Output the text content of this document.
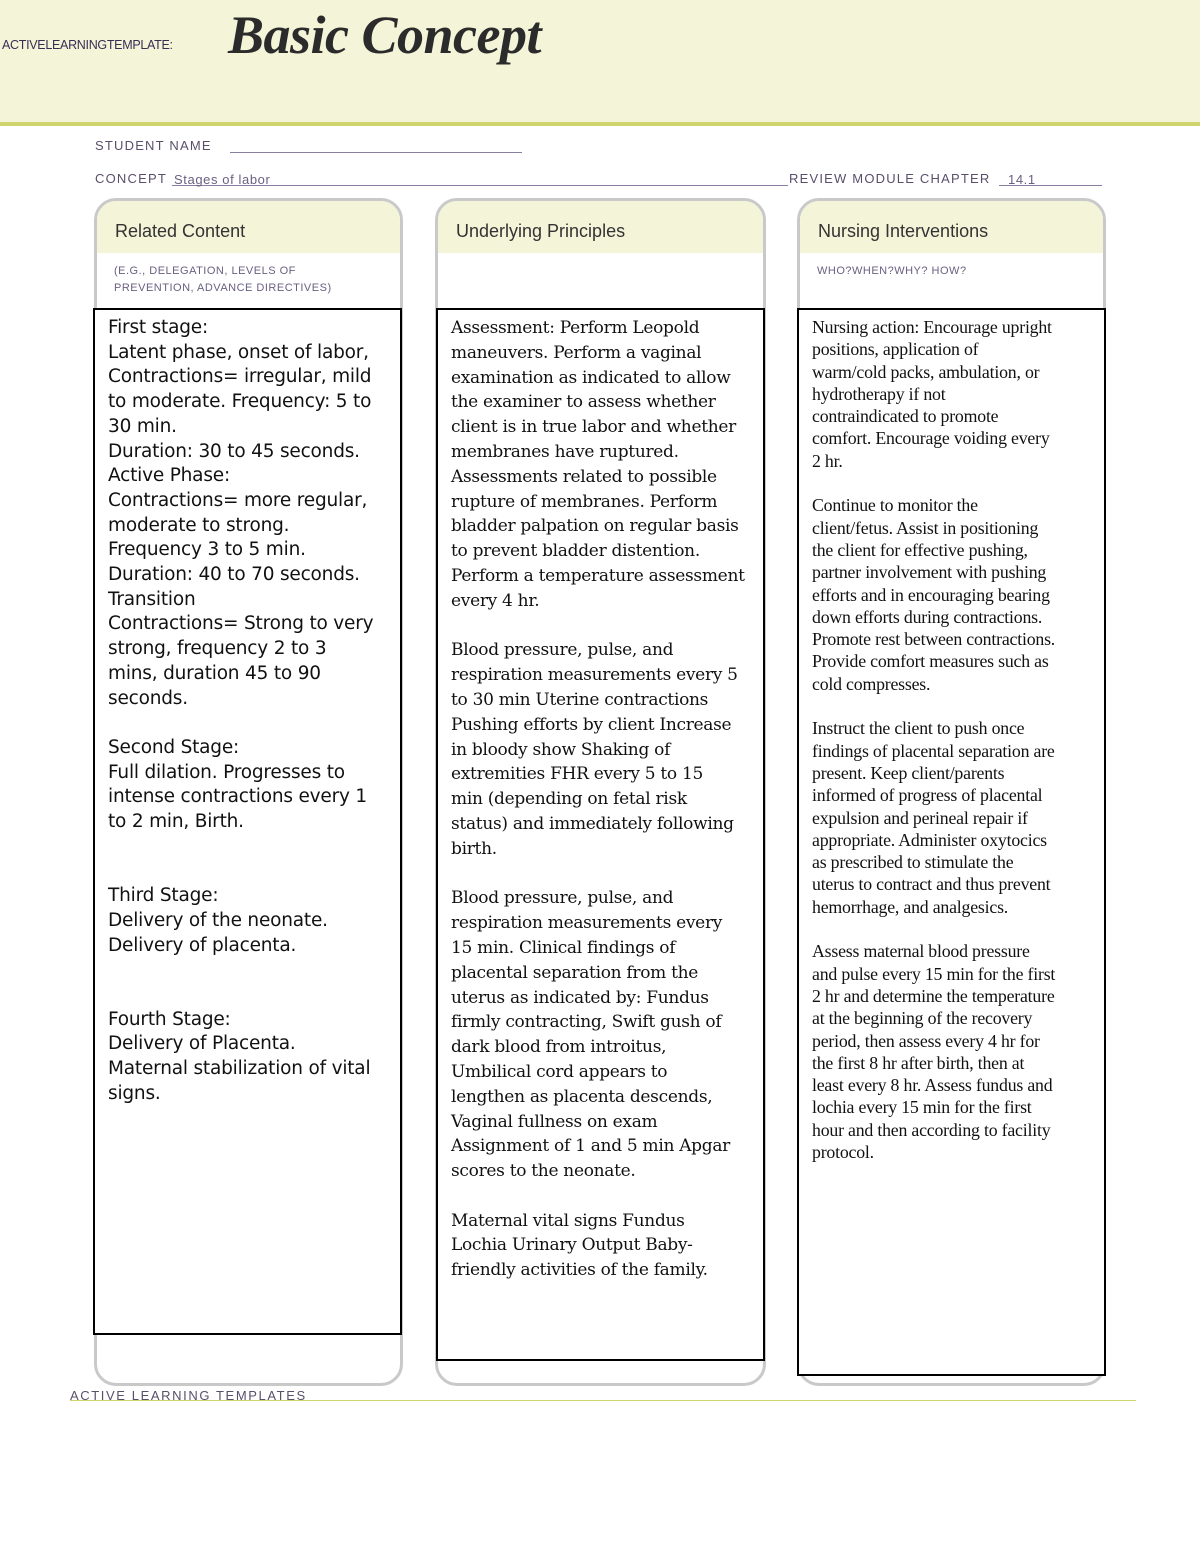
ACTIVELEARNINGTEMPLATE: Basic Concept
STUDENT NAME
CONCEPT Stages of labor	REVIEW MODULE CHAPTER 14.1
Related Content
(E.G., DELEGATION, LEVELS OF PREVENTION, ADVANCE DIRECTIVES)
First stage:
Latent phase, onset of labor,
Contractions= irregular, mild
to moderate. Frequency: 5 to
30 min.
Duration: 30 to 45 seconds.
Active Phase:
Contractions= more regular,
moderate to strong.
Frequency 3 to 5 min.
Duration: 40 to 70 seconds.
Transition
Contractions= Strong to very
strong, frequency 2 to 3
mins, duration 45 to 90
seconds.

Second Stage:
Full dilation. Progresses to
intense contractions every 1
to 2 min, Birth.

Third Stage:
Delivery of the neonate.
Delivery of placenta.

Fourth Stage:
Delivery of Placenta.
Maternal stabilization of vital
signs.
Underlying Principles
Assessment: Perform Leopold
maneuvers. Perform a vaginal
examination as indicated to allow
the examiner to assess whether
client is in true labor and whether
membranes have ruptured.
Assessments related to possible
rupture of membranes. Perform
bladder palpation on regular basis
to prevent bladder distention.
Perform a temperature assessment
every 4 hr.

Blood pressure, pulse, and
respiration measurements every 5
to 30 min Uterine contractions
Pushing efforts by client Increase
in bloody show Shaking of
extremities FHR every 5 to 15
min (depending on fetal risk
status) and immediately following
birth.

Blood pressure, pulse, and
respiration measurements every
15 min. Clinical findings of
placental separation from the
uterus as indicated by: Fundus
firmly contracting, Swift gush of
dark blood from introitus,
Umbilical cord appears to
lengthen as placenta descends,
Vaginal fullness on exam
Assignment of 1 and 5 min Apgar
scores to the neonate.

Maternal vital signs Fundus
Lochia Urinary Output Baby-
friendly activities of the family.
Nursing Interventions
WHO?WHEN?WHY? HOW?
Nursing action: Encourage upright
positions, application of
warm/cold packs, ambulation, or
hydrotherapy if not
contraindicated to promote
comfort. Encourage voiding every
2 hr.

Continue to monitor the
client/fetus. Assist in positioning
the client for effective pushing,
partner involvement with pushing
efforts and in encouraging bearing
down efforts during contractions.
Promote rest between contractions.
Provide comfort measures such as
cold compresses.

Instruct the client to push once
findings of placental separation are
present. Keep client/parents
informed of progress of placental
expulsion and perineal repair if
appropriate. Administer oxytocics
as prescribed to stimulate the
uterus to contract and thus prevent
hemorrhage, and analgesics.

Assess maternal blood pressure
and pulse every 15 min for the first
2 hr and determine the temperature
at the beginning of the recovery
period, then assess every 4 hr for
the first 8 hr after birth, then at
least every 8 hr. Assess fundus and
lochia every 15 min for the first
hour and then according to facility
protocol.
ACTIVE LEARNING TEMPLATES
